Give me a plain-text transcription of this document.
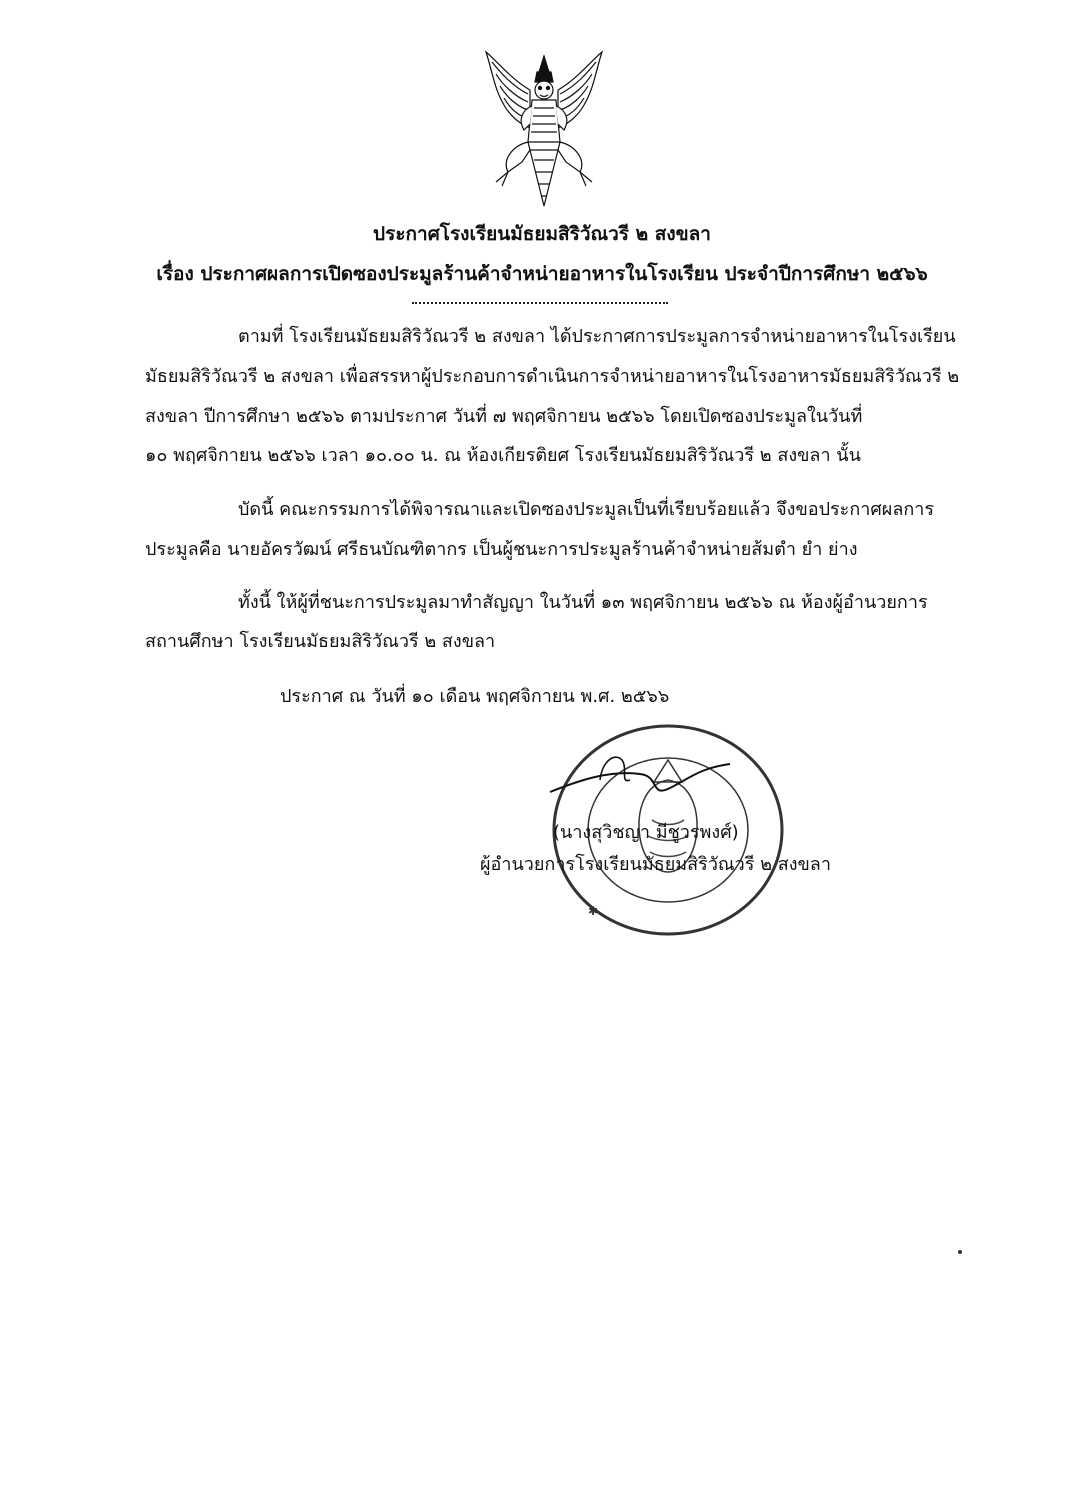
ประกาศโรงเรียนมัธยมสิริวัณวรี ๒ สงขลา
เรื่อง ประกาศผลการเปิดซองประมูลร้านค้าจำหน่ายอาหารในโรงเรียน ประจำปีการศึกษา ๒๕๖๖
ตามที่ โรงเรียนมัธยมสิริวัณวรี ๒ สงขลา ได้ประกาศการประมูลการจำหน่ายอาหารในโรงเรียน
มัธยมสิริวัณวรี ๒ สงขลา เพื่อสรรหาผู้ประกอบการดำเนินการจำหน่ายอาหารในโรงอาหารมัธยมสิริวัณวรี ๒
สงขลา ปีการศึกษา ๒๕๖๖ ตามประกาศ วันที่ ๗ พฤศจิกายน ๒๕๖๖ โดยเปิดซองประมูลในวันที่
๑๐ พฤศจิกายน ๒๕๖๖ เวลา ๑๐.๐๐ น. ณ ห้องเกียรติยศ โรงเรียนมัธยมสิริวัณวรี ๒ สงขลา นั้น
บัดนี้ คณะกรรมการได้พิจารณาและเปิดซองประมูลเป็นที่เรียบร้อยแล้ว จึงขอประกาศผลการ
ประมูลคือ นายอัครวัฒน์ ศรีธนบัณฑิตากร เป็นผู้ชนะการประมูลร้านค้าจำหน่ายส้มตำ ยำ ย่าง
ทั้งนี้ ให้ผู้ที่ชนะการประมูลมาทำสัญญา ในวันที่ ๑๓ พฤศจิกายน ๒๕๖๖ ณ ห้องผู้อำนวยการ
สถานศึกษา โรงเรียนมัธยมสิริวัณวรี ๒ สงขลา
ประกาศ ณ วันที่ ๑๐ เดือน พฤศจิกายน พ.ศ. ๒๕๖๖
✱
(นางสุวิชญา มีชูวรพงศ์)
ผู้อำนวยการโรงเรียนมัธยมสิริวัณวรี ๒ สงขลา
